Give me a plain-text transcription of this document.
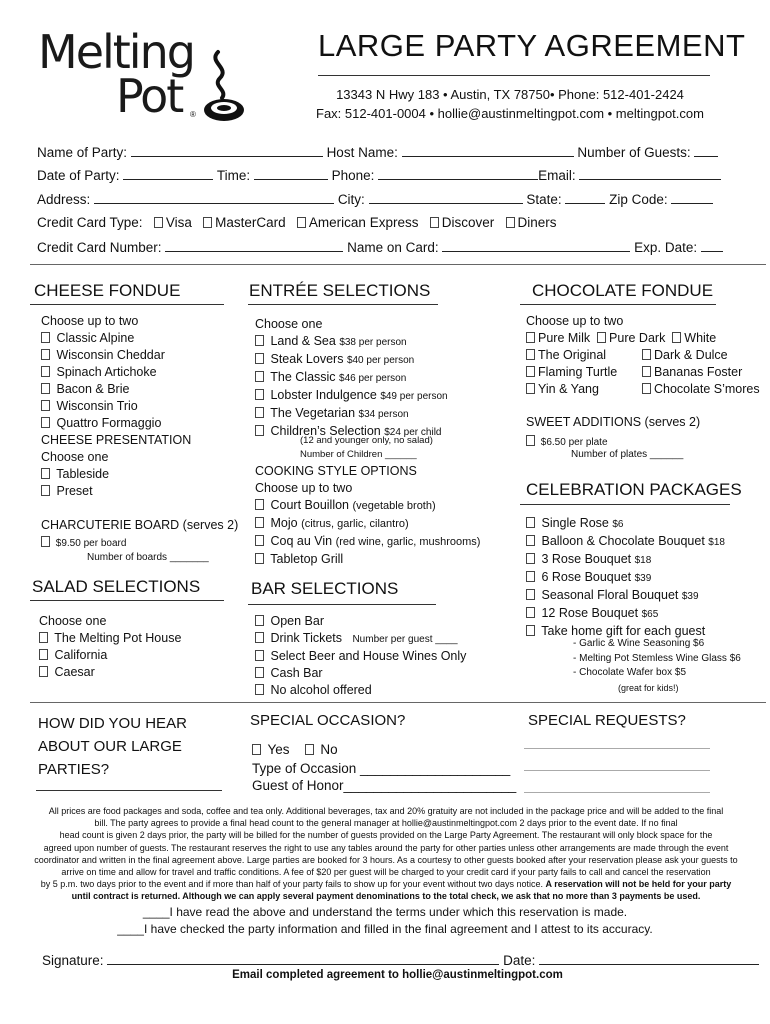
Melting
Pot ®
LARGE PARTY AGREEMENT
13343 N Hwy 183 • Austin, TX 78750• Phone: 512-401-2424
Fax: 512-401-0004 • hollie@austinmeltingpot.com • meltingpot.com
Name of Party:	Host Name:	Number of Guests:
Date of Party:	Time:	Phone:	Email:
Address:	City:	State:	Zip Code:
Credit Card Type: Visa MasterCard American Express Discover Diners
Credit Card Number:	Name on Card:	Exp. Date:
CHEESE FONDUE
Choose up to two
Classic Alpine
Wisconsin Cheddar
Spinach Artichoke
Bacon & Brie
Wisconsin Trio
Quattro Formaggio
CHEESE PRESENTATION
Choose one
Tableside
Preset
CHARCUTERIE BOARD (serves 2)
$9.50 per board
Number of boards _______
SALAD SELECTIONS
Choose one
The Melting Pot House
California
Caesar
ENTRÉE SELECTIONS
Choose one
Land & Sea $38 per person
Steak Lovers $40 per person
The Classic $46 per person
Lobster Indulgence $49 per person
The Vegetarian $34 person
Children’s Selection $24 per child
(12 and younger only, no salad)
Number of Children ______
COOKING STYLE OPTIONS
Choose up to two
Court Bouillon (vegetable broth)
Mojo (citrus, garlic, cilantro)
Coq au Vin (red wine, garlic, mushrooms)
Tabletop Grill
BAR SELECTIONS
Open Bar
Drink Tickets Number per guest ____
Select Beer and House Wines Only
Cash Bar
No alcohol offered
CHOCOLATE FONDUE
Choose up to two
Pure Milk Pure Dark White
The Original	Dark & Dulce
Flaming Turtle	Bananas Foster
Yin & Yang	Chocolate S’mores
SWEET ADDITIONS (serves 2)
$6.50 per plate
Number of plates ______
CELEBRATION PACKAGES
Single Rose $6
Balloon & Chocolate Bouquet $18
3 Rose Bouquet $18
6 Rose Bouquet $39
Seasonal Floral Bouquet $39
12 Rose Bouquet $65
Take home gift for each guest
- Garlic & Wine Seasoning $6
- Melting Pot Stemless Wine Glass $6
- Chocolate Wafer box $5
(great for kids!)
HOW DID YOU HEAR ABOUT OUR LARGE PARTIES?
SPECIAL OCCASION?
Yes No
Type of Occasion ____________________
Guest of Honor_______________________
SPECIAL REQUESTS?
All prices are food packages and soda, coffee and tea only. Additional beverages, tax and 20% gratuity are not included in the package price and will be added to the final
bill. The party agrees to provide a final head count to the general manager at hollie@austinmeltingpot.com 2 days prior to the event date. If no final
head count is given 2 days prior, the party will be billed for the number of guests provided on the Large Party Agreement. The restaurant will only block space for the
agreed upon number of guests. The restaurant reserves the right to use any tables around the party for other parties unless other arrangements are made through the event
coordinator and written in the final agreement above. Large parties are booked for 3 hours. As a courtesy to other guests booked after your reservation please ask your guests to
arrive on time and allow for travel and traffic conditions. A fee of $20 per guest will be charged to your credit card if your party fails to call and cancel the reservation
by 5 p.m. two days prior to the event and if more than half of your party fails to show up for your event without two days notice. A reservation will not be held for your party
until contract is returned. Although we can apply several payment denominations to the total check, we ask that no more than 3 payments be used.
____I have read the above and understand the terms under which this reservation is made.
____I have checked the party information and filled in the final agreement and I attest to its accuracy.
Signature:	Date:
Email completed agreement to hollie@austinmeltingpot.com
